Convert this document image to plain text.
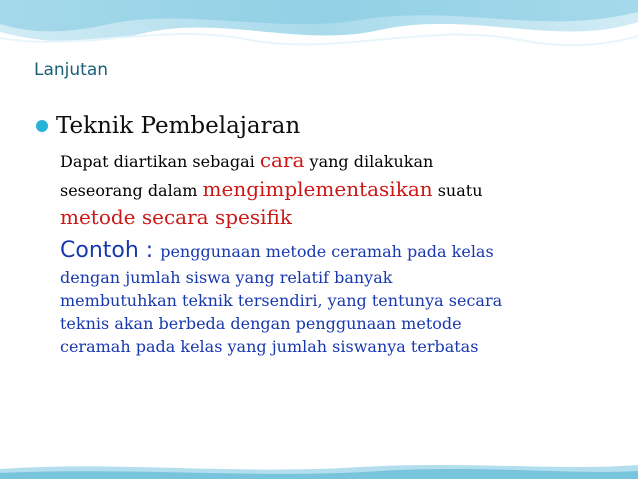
Lanjutan
Teknik Pembelajaran
Dapat diartikan sebagai cara yang dilakukan
seseorang dalam mengimplementasikan suatu
metode secara spesifik
Contoh : penggunaan metode ceramah pada kelas
dengan jumlah siswa yang relatif banyak
membutuhkan teknik tersendiri, yang tentunya secara
teknis akan berbeda dengan penggunaan metode
ceramah pada kelas yang jumlah siswanya terbatas
